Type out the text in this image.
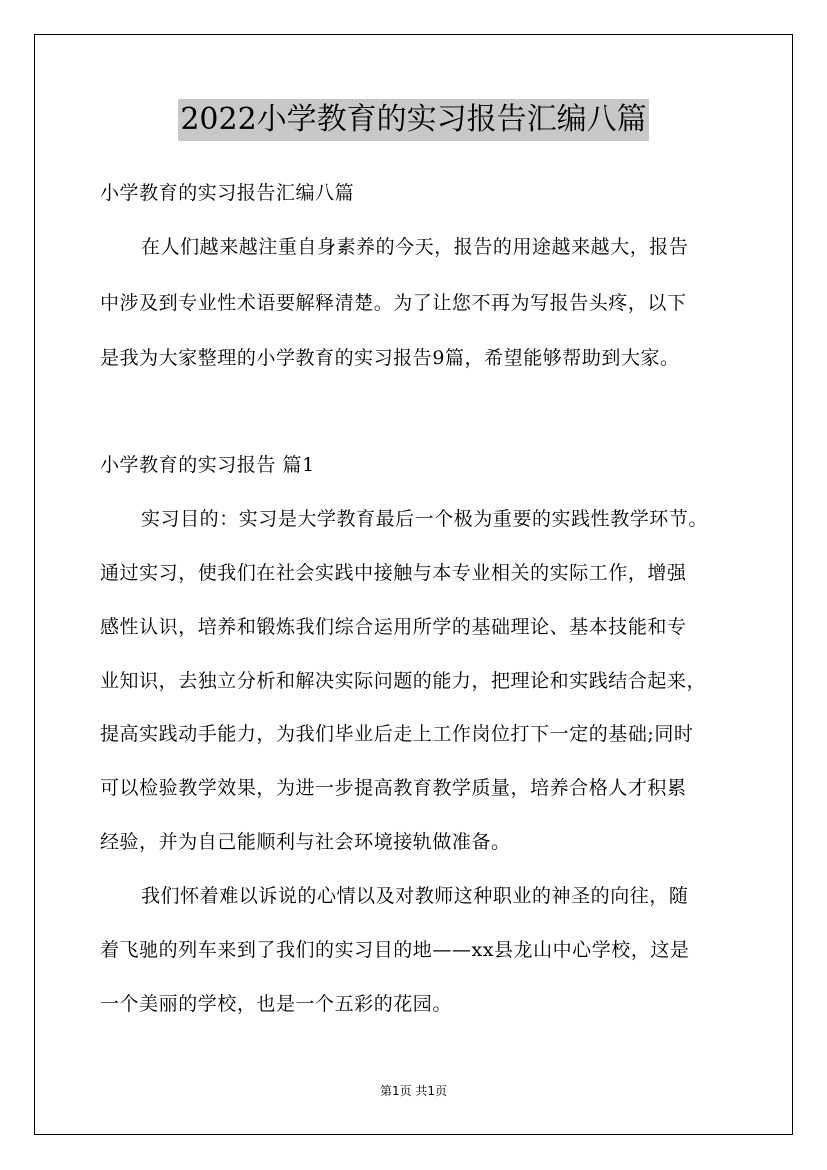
2022小学教育的实习报告汇编八篇
小学教育的实习报告汇编八篇
在人们越来越注重自身素养的今天，报告的用途越来越大，报告
中涉及到专业性术语要解释清楚。为了让您不再为写报告头疼，以下
是我为大家整理的小学教育的实习报告9篇，希望能够帮助到大家。
小学教育的实习报告 篇1
实习目的：实习是大学教育最后一个极为重要的实践性教学环节。
通过实习，使我们在社会实践中接触与本专业相关的实际工作，增强
感性认识，培养和锻炼我们综合运用所学的基础理论、基本技能和专
业知识，去独立分析和解决实际问题的能力，把理论和实践结合起来，
提高实践动手能力，为我们毕业后走上工作岗位打下一定的基础;同时
可以检验教学效果，为进一步提高教育教学质量，培养合格人才积累
经验，并为自己能顺利与社会环境接轨做准备。
我们怀着难以诉说的心情以及对教师这种职业的神圣的向往，随
着飞驰的列车来到了我们的实习目的地——xx县龙山中心学校，这是
一个美丽的学校，也是一个五彩的花园。
第1页 共1页
